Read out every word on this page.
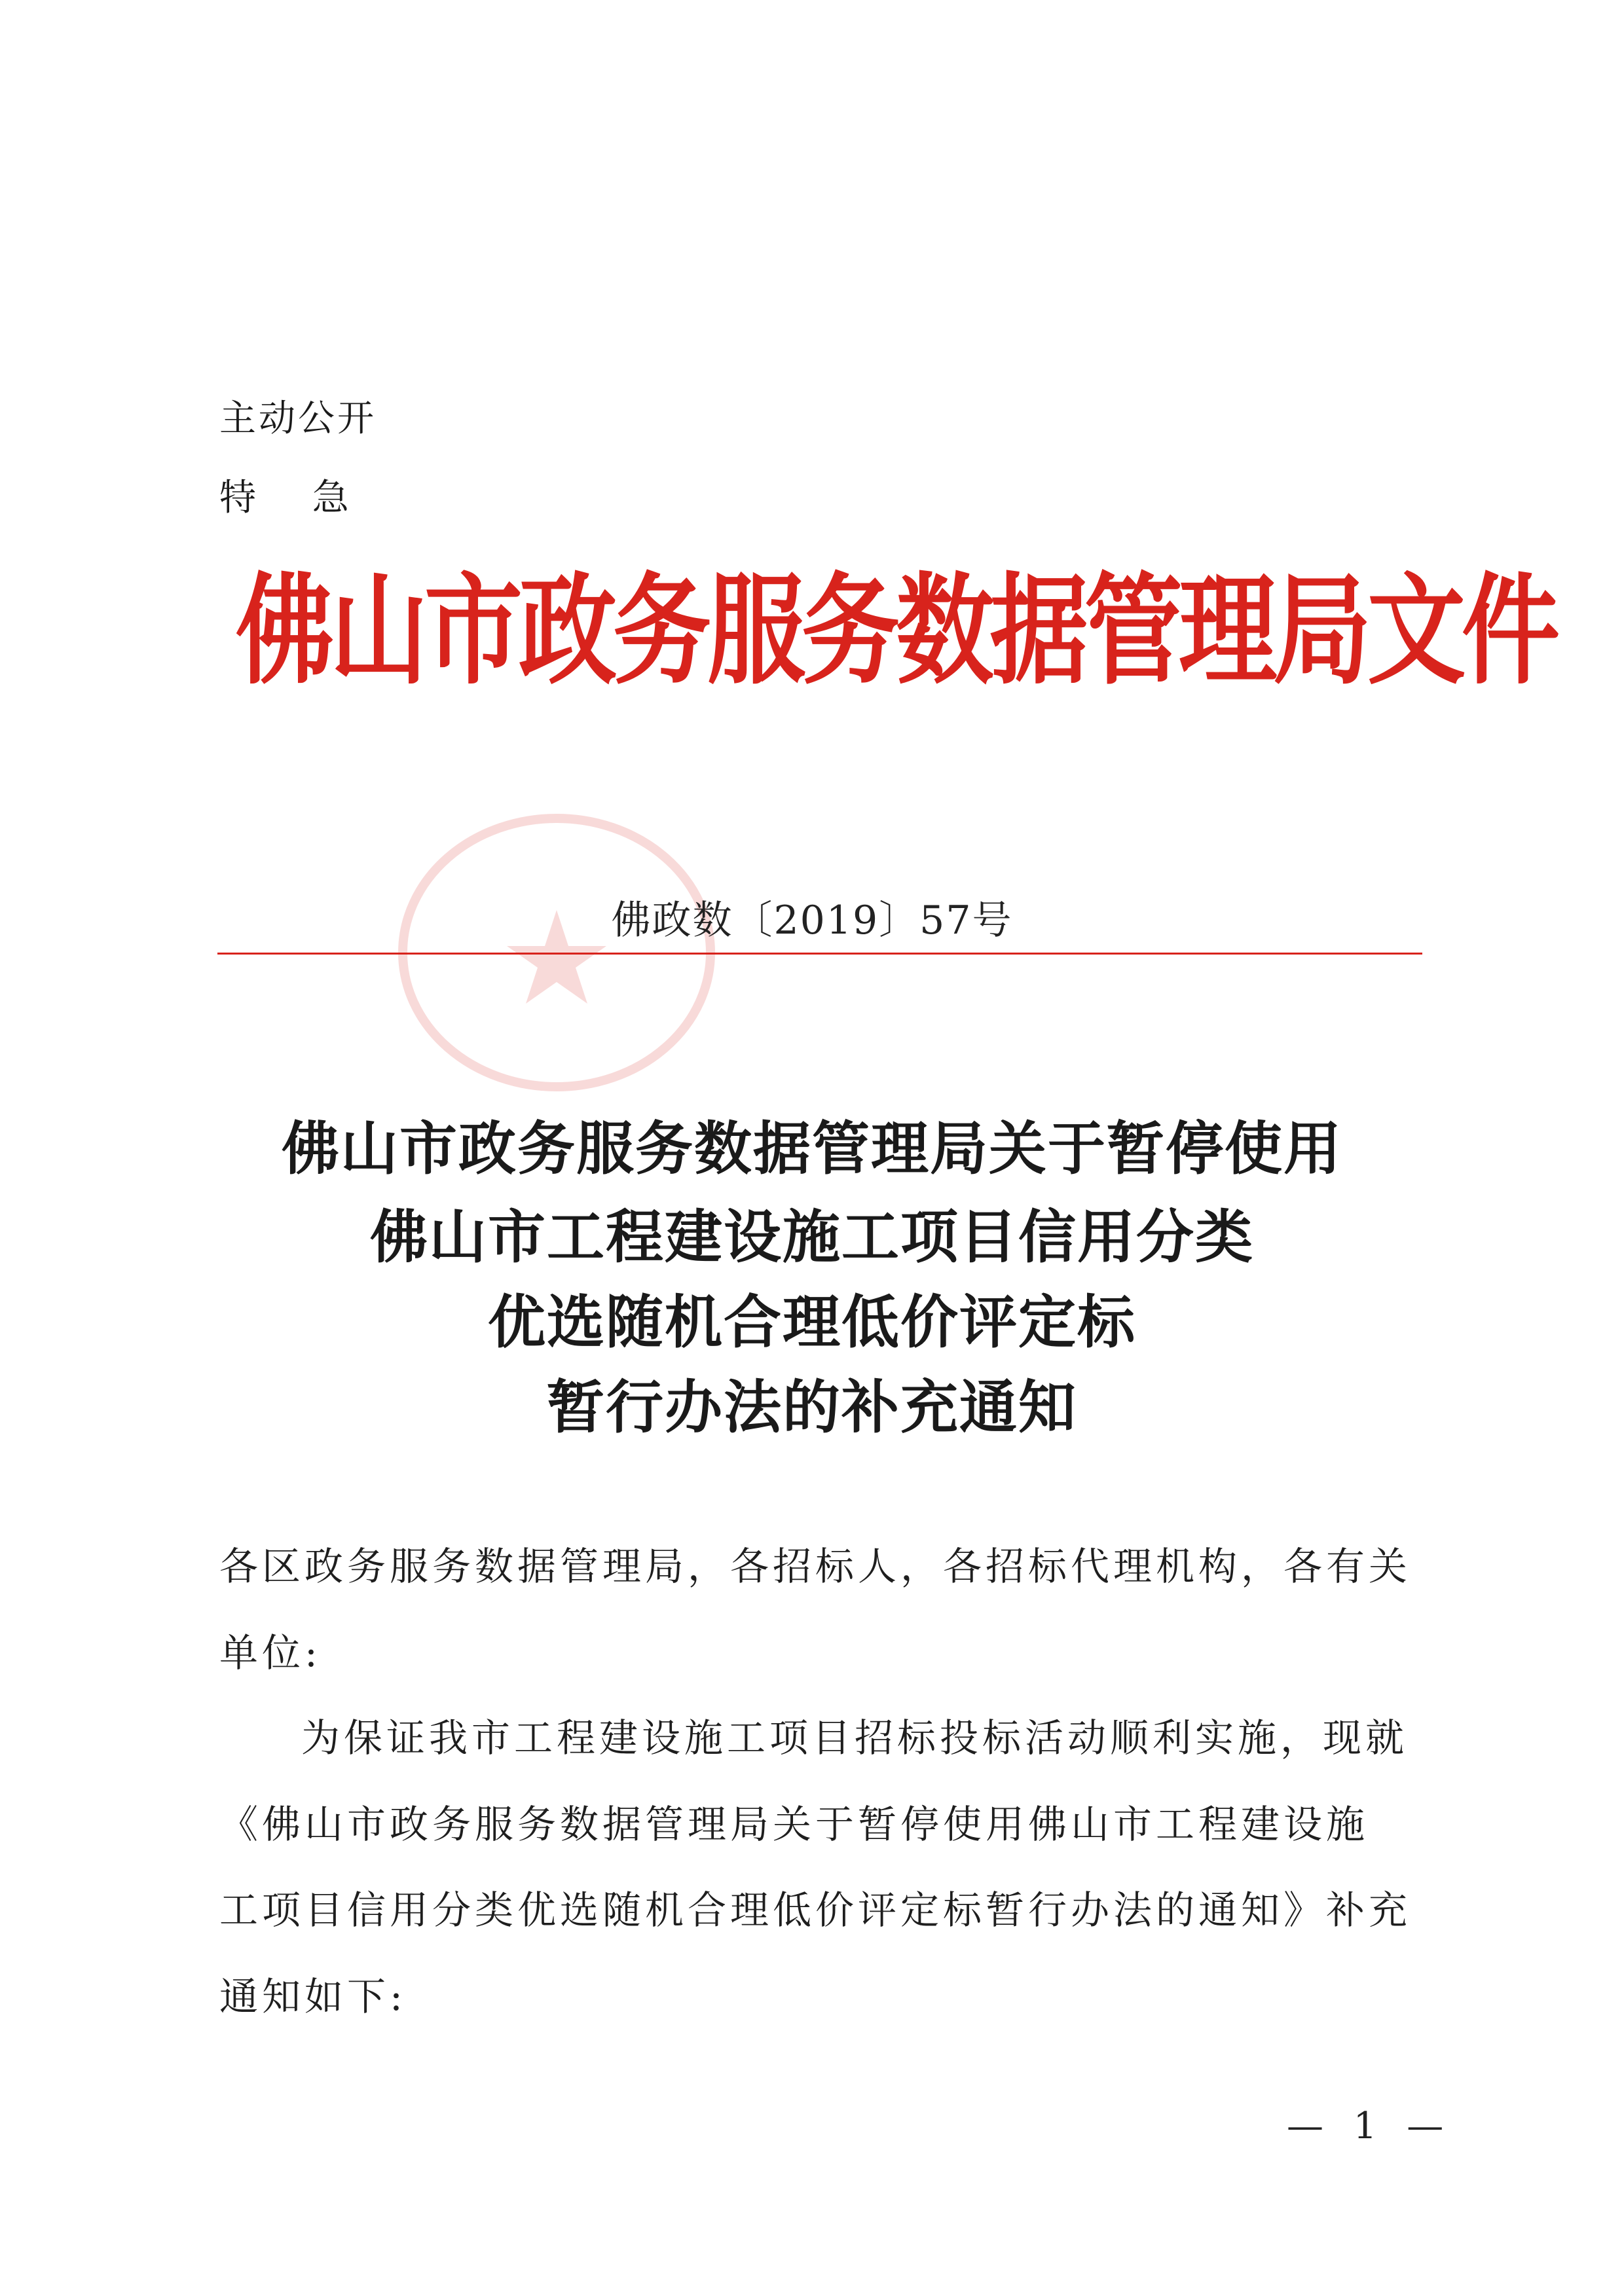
主动公开
特 急
佛山市政务服务数据管理局文件
佛政数〔2019〕57号
佛山市政务服务数据管理局关于暂停使用
佛山市工程建设施工项目信用分类
优选随机合理低价评定标
暂行办法的补充通知
各区政务服务数据管理局，各招标人，各招标代理机构，各有关
单位:
为保证我市工程建设施工项目招标投标活动顺利实施，现就
《佛山市政务服务数据管理局关于暂停使用佛山市工程建设施
工项目信用分类优选随机合理低价评定标暂行办法的通知》补充
通知如下:
— 1 —
